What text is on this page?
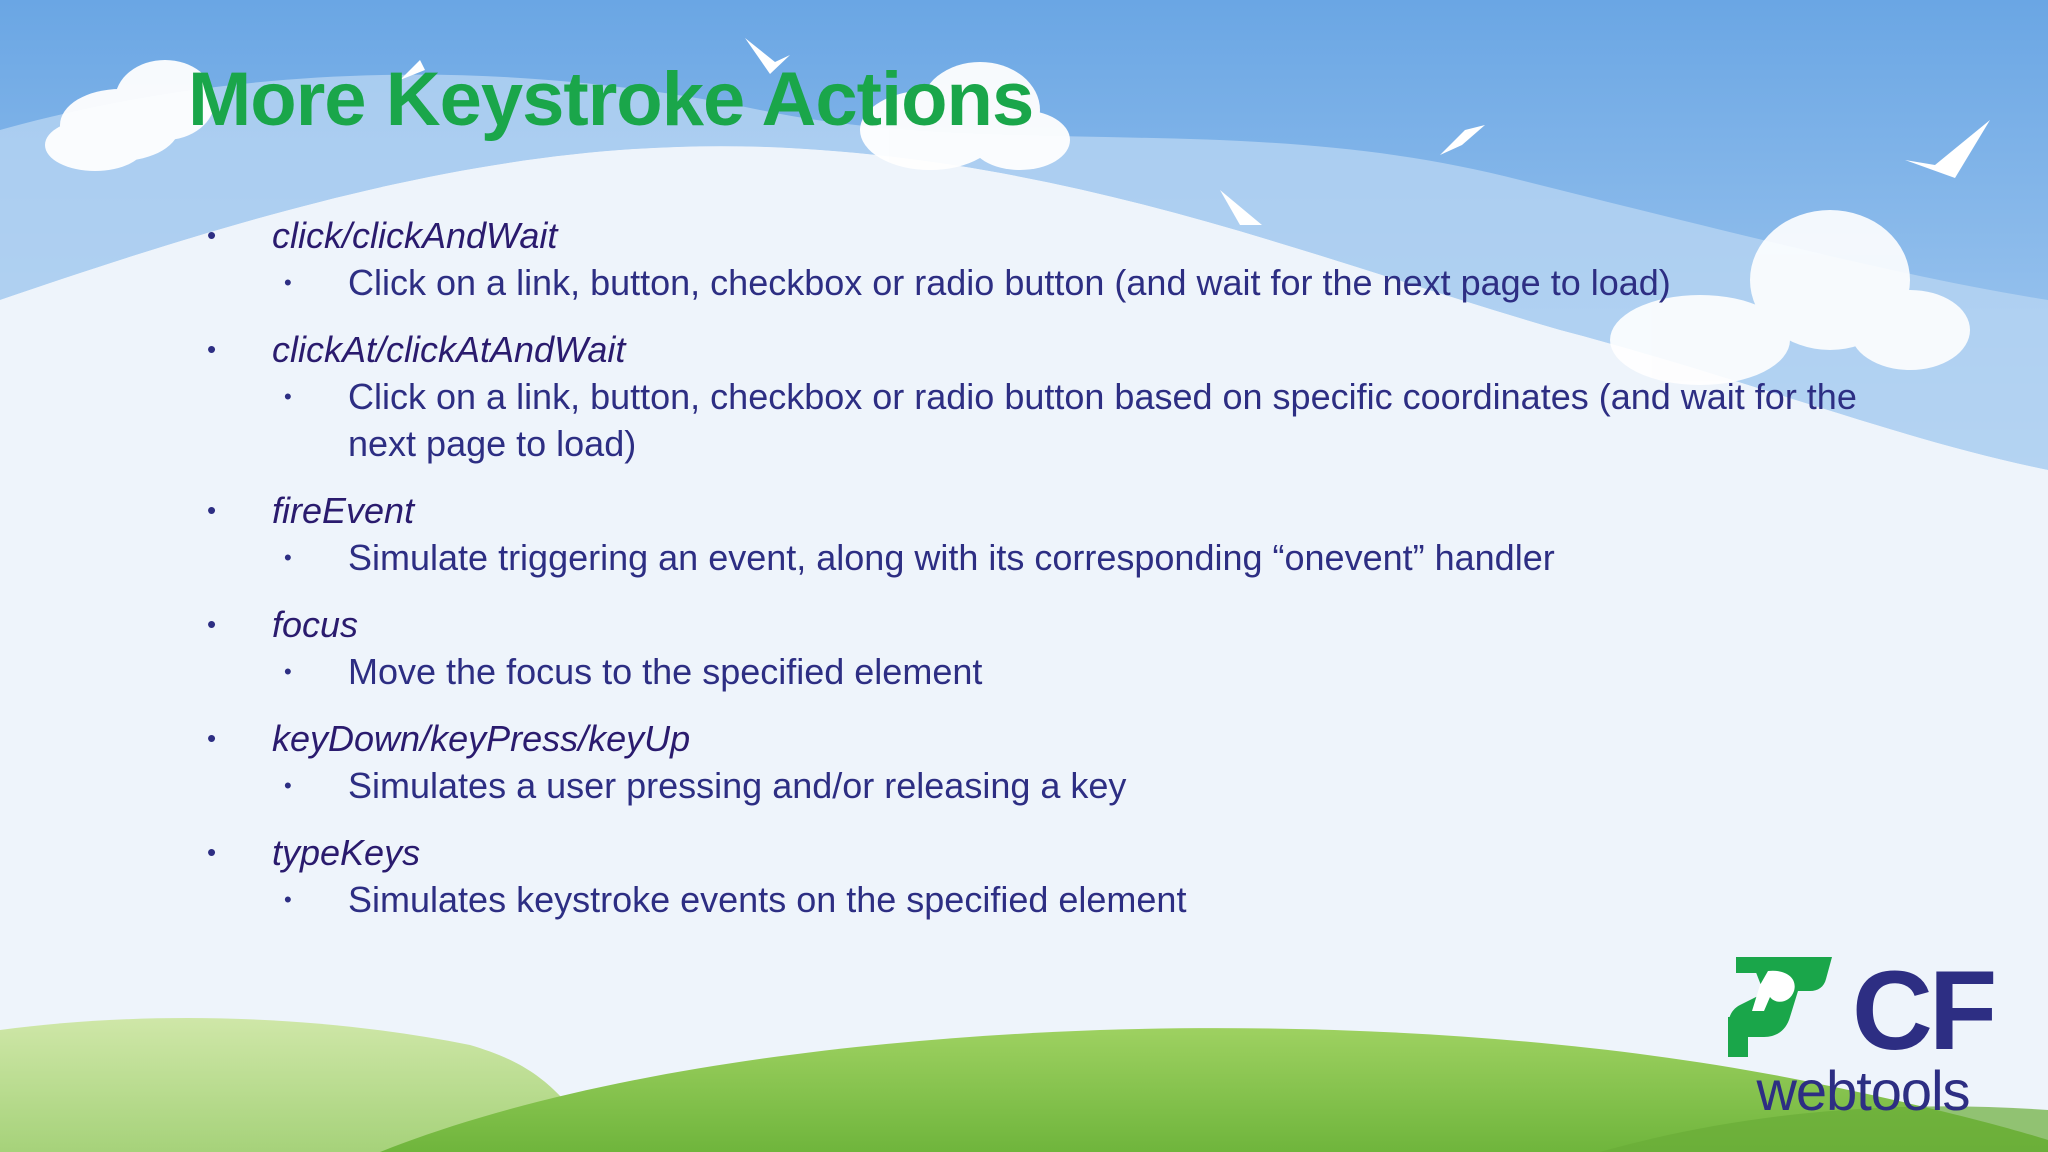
More Keystroke Actions
•	click/clickAndWait
•	Click on a link, button, checkbox or radio button (and wait for the next page to load)
•	clickAt/clickAtAndWait
•	Click on a link, button, checkbox or radio button based on specific coordinates (and wait for the next page to load)
•	fireEvent
•	Simulate triggering an event, along with its corresponding “onevent” handler
•	focus
•	Move the focus to the specified element
•	keyDown/keyPress/keyUp
•	Simulates a user pressing and/or releasing a key
•	typeKeys
•	Simulates keystroke events on the specified element
CF
webtools
